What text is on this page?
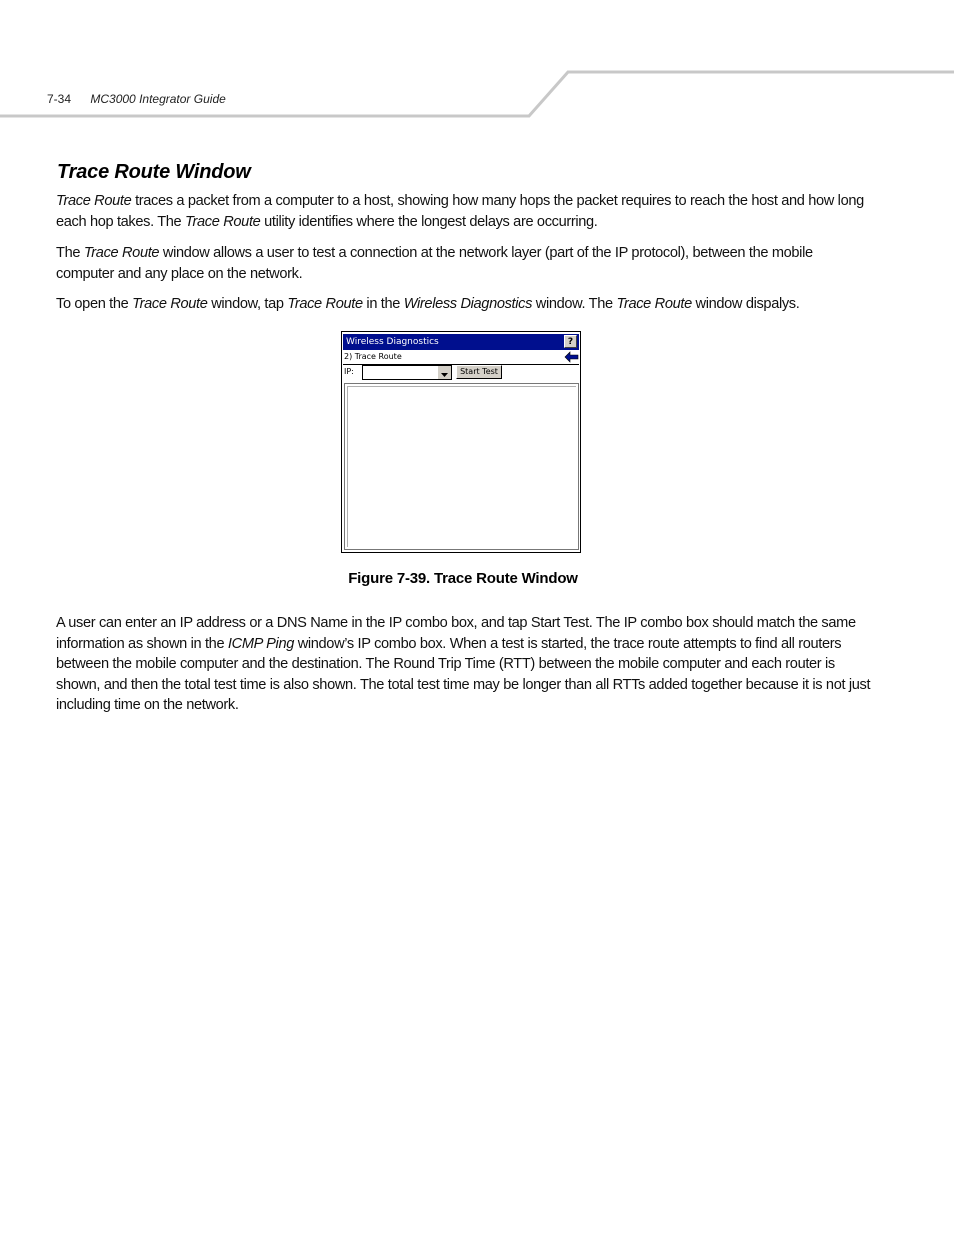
7-34 MC3000 Integrator Guide
Trace Route Window

Trace Route traces a packet from a computer to a host, showing how many hops the packet requires to reach the host and how long each hop takes. The Trace Route utility identifies where the longest delays are occurring.

The Trace Route window allows a user to test a connection at the network layer (part of the IP protocol), between the mobile computer and any place on the network.

To open the Trace Route window, tap Trace Route in the Wireless Diagnostics window. The Trace Route window dispalys.

Wireless Diagnostics	?
2) Trace Route
IP:	Start Test

Figure 7-39. Trace Route Window

A user can enter an IP address or a DNS Name in the IP combo box, and tap Start Test. The IP combo box should match the same information as shown in the ICMP Ping window’s IP combo box. When a test is started, the trace route attempts to find all routers between the mobile computer and the destination. The Round Trip Time (RTT) between the mobile computer and each router is shown, and then the total test time is also shown. The total test time may be longer than all RTTs added together because it is not just including time on the network.
